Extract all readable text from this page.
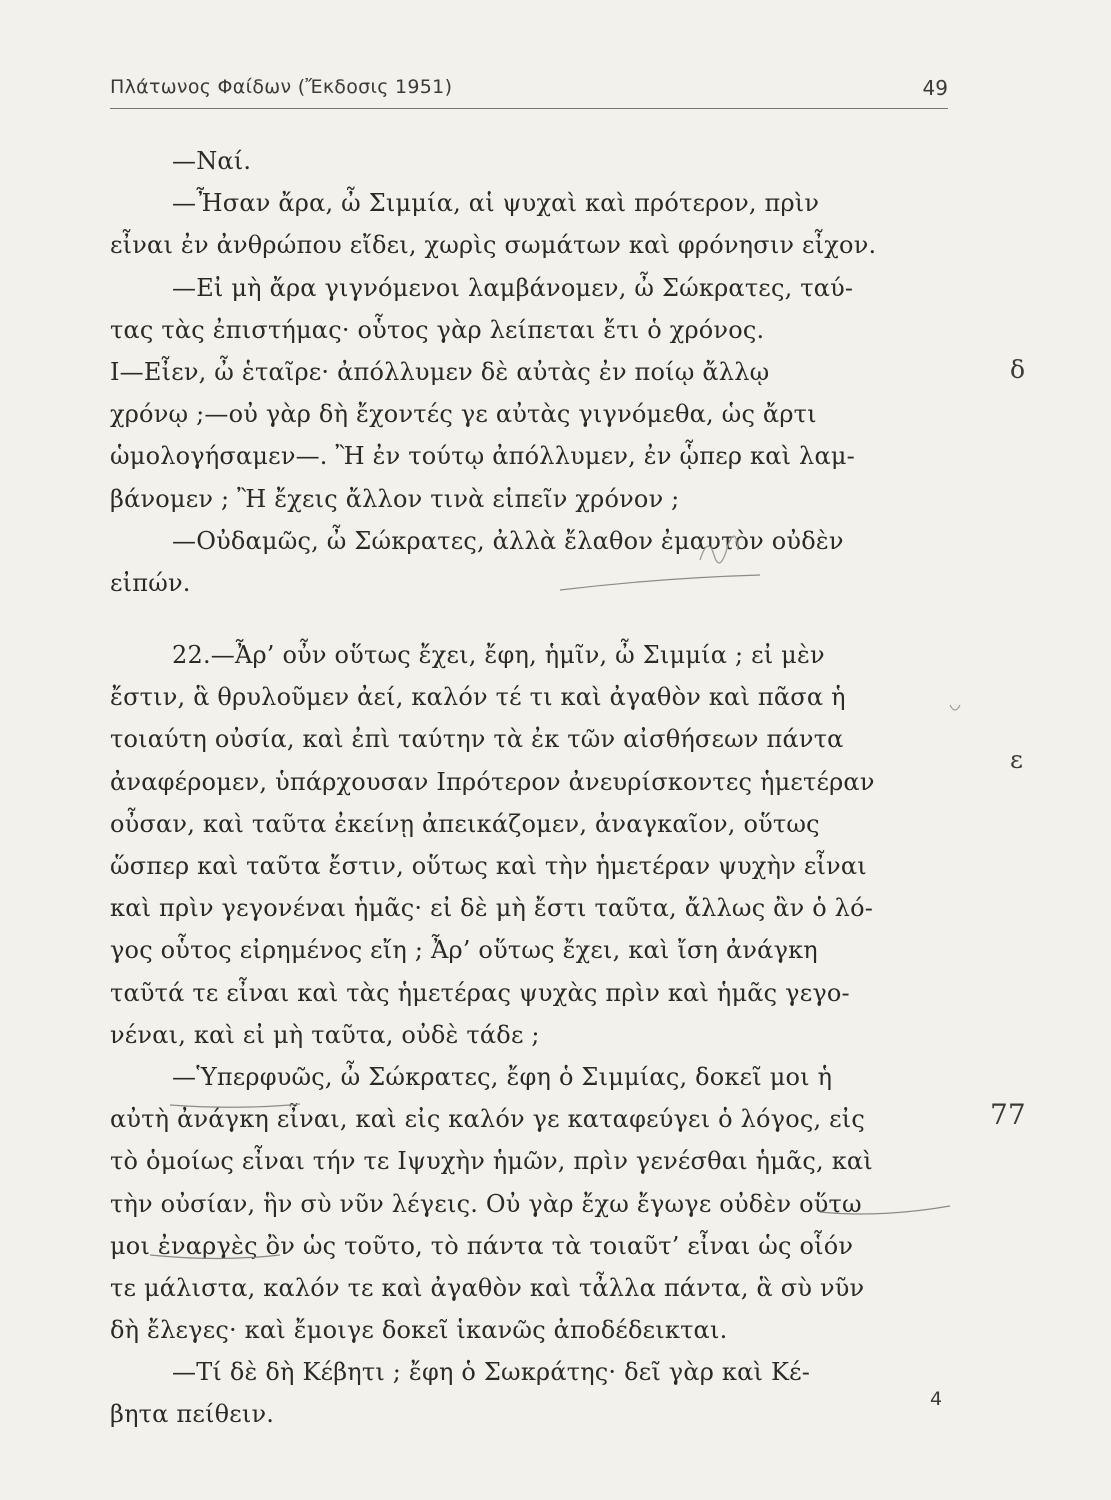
Πλάτωνος Φαίδων (Ἔκδοσις 1951)	49
—Ναί.
—Ἦσαν ἄρα, ὦ Σιμμία, αἱ ψυχαὶ καὶ πρότερον, πρὶν
εἶναι ἐν ἀνθρώπου εἴδει, χωρὶς σωμάτων καὶ φρόνησιν εἶχον.
—Εἰ μὴ ἄρα γιγνόμενοι λαμβάνομεν, ὦ Σώκρατες, ταύ-
τας τὰς ἐπιστήμας· οὗτος γὰρ λείπεται ἔτι ὁ χρόνος.
I—Εἶεν, ὦ ἑταῖρε· ἀπόλλυμεν δὲ αὐτὰς ἐν ποίῳ ἄλλῳ
χρόνῳ ;—οὐ γὰρ δὴ ἔχοντές γε αὐτὰς γιγνόμεθα, ὡς ἄρτι
ὡμολογήσαμεν—. Ἢ ἐν τούτῳ ἀπόλλυμεν, ἐν ᾧπερ καὶ λαμ-
βάνομεν ; Ἢ ἔχεις ἄλλον τινὰ εἰπεῖν χρόνον ;
—Οὐδαμῶς, ὦ Σώκρατες, ἀλλὰ ἔλαθον ἐμαυτὸν οὐδὲν
εἰπών.
22.—Ἆρ’ οὖν οὕτως ἔχει, ἔφη, ἡμῖν, ὦ Σιμμία ; εἰ μὲν
ἔστιν, ἃ θρυλοῦμεν ἀεί, καλόν τέ τι καὶ ἀγαθὸν καὶ πᾶσα ἡ
τοιαύτη οὐσία, καὶ ἐπὶ ταύτην τὰ ἐκ τῶν αἰσθήσεων πάντα
ἀναφέρομεν, ὑπάρχουσαν Iπρότερον ἀνευρίσκοντες ἡμετέραν
οὖσαν, καὶ ταῦτα ἐκείνῃ ἀπεικάζομεν, ἀναγκαῖον, οὕτως
ὥσπερ καὶ ταῦτα ἔστιν, οὕτως καὶ τὴν ἡμετέραν ψυχὴν εἶναι
καὶ πρὶν γεγονέναι ἡμᾶς· εἰ δὲ μὴ ἔστι ταῦτα, ἄλλως ἂν ὁ λό-
γος οὗτος εἰρημένος εἴη ; Ἆρ’ οὕτως ἔχει, καὶ ἴση ἀνάγκη
ταῦτά τε εἶναι καὶ τὰς ἡμετέρας ψυχὰς πρὶν καὶ ἡμᾶς γεγο-
νέναι, καὶ εἰ μὴ ταῦτα, οὐδὲ τάδε ;
—Ὑπερφυῶς, ὦ Σώκρατες, ἔφη ὁ Σιμμίας, δοκεῖ μοι ἡ
αὐτὴ ἀνάγκη εἶναι, καὶ εἰς καλόν γε καταφεύγει ὁ λόγος, εἰς
τὸ ὁμοίως εἶναι τήν τε Iψυχὴν ἡμῶν, πρὶν γενέσθαι ἡμᾶς, καὶ
τὴν οὐσίαν, ἣν σὺ νῦν λέγεις. Οὐ γὰρ ἔχω ἔγωγε οὐδὲν οὕτω
μοι ἐναργὲς ὂν ὡς τοῦτο, τὸ πάντα τὰ τοιαῦτ’ εἶναι ὡς οἷόν
τε μάλιστα, καλόν τε καὶ ἀγαθὸν καὶ τἆλλα πάντα, ἃ σὺ νῦν
δὴ ἔλεγες· καὶ ἔμοιγε δοκεῖ ἱκανῶς ἀποδέδεικται.
—Τί δὲ δὴ Κέβητι ; ἔφη ὁ Σωκράτης· δεῖ γὰρ καὶ Κέ-
βητα πείθειν.
δ
ε
77
4
